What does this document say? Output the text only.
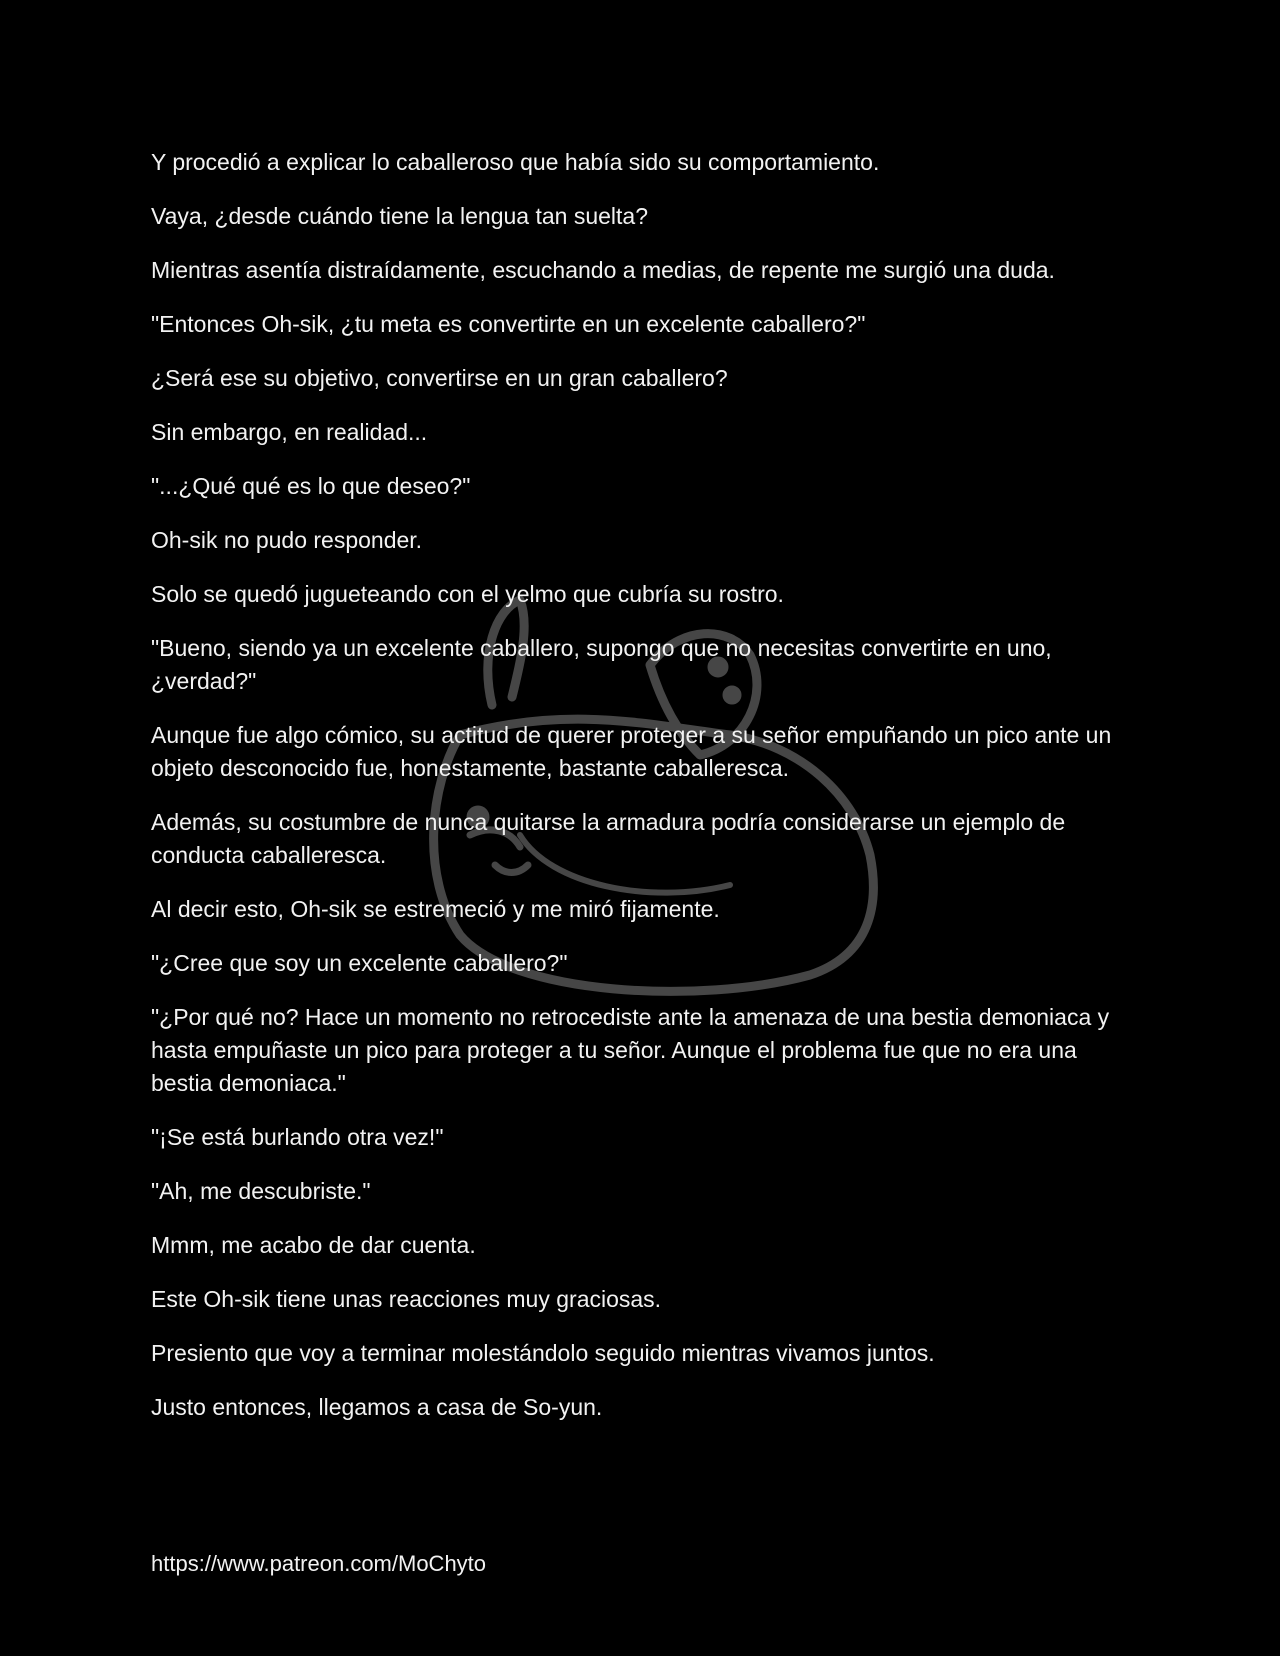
Y procedió a explicar lo caballeroso que había sido su comportamiento.

Vaya, ¿desde cuándo tiene la lengua tan suelta?

Mientras asentía distraídamente, escuchando a medias, de repente me surgió una duda.

"Entonces Oh-sik, ¿tu meta es convertirte en un excelente caballero?"

¿Será ese su objetivo, convertirse en un gran caballero?

Sin embargo, en realidad...

"...¿Qué qué es lo que deseo?"

Oh-sik no pudo responder.

Solo se quedó jugueteando con el yelmo que cubría su rostro.

"Bueno, siendo ya un excelente caballero, supongo que no necesitas convertirte en uno, ¿verdad?"

Aunque fue algo cómico, su actitud de querer proteger a su señor empuñando un pico ante un objeto desconocido fue, honestamente, bastante caballeresca.

Además, su costumbre de nunca quitarse la armadura podría considerarse un ejemplo de conducta caballeresca.

Al decir esto, Oh-sik se estremeció y me miró fijamente.

"¿Cree que soy un excelente caballero?"

"¿Por qué no? Hace un momento no retrocediste ante la amenaza de una bestia demoniaca y hasta empuñaste un pico para proteger a tu señor. Aunque el problema fue que no era una bestia demoniaca."

"¡Se está burlando otra vez!"

"Ah, me descubriste."

Mmm, me acabo de dar cuenta.

Este Oh-sik tiene unas reacciones muy graciosas.

Presiento que voy a terminar molestándolo seguido mientras vivamos juntos.

Justo entonces, llegamos a casa de So-yun.

https://www.patreon.com/MoChyto
